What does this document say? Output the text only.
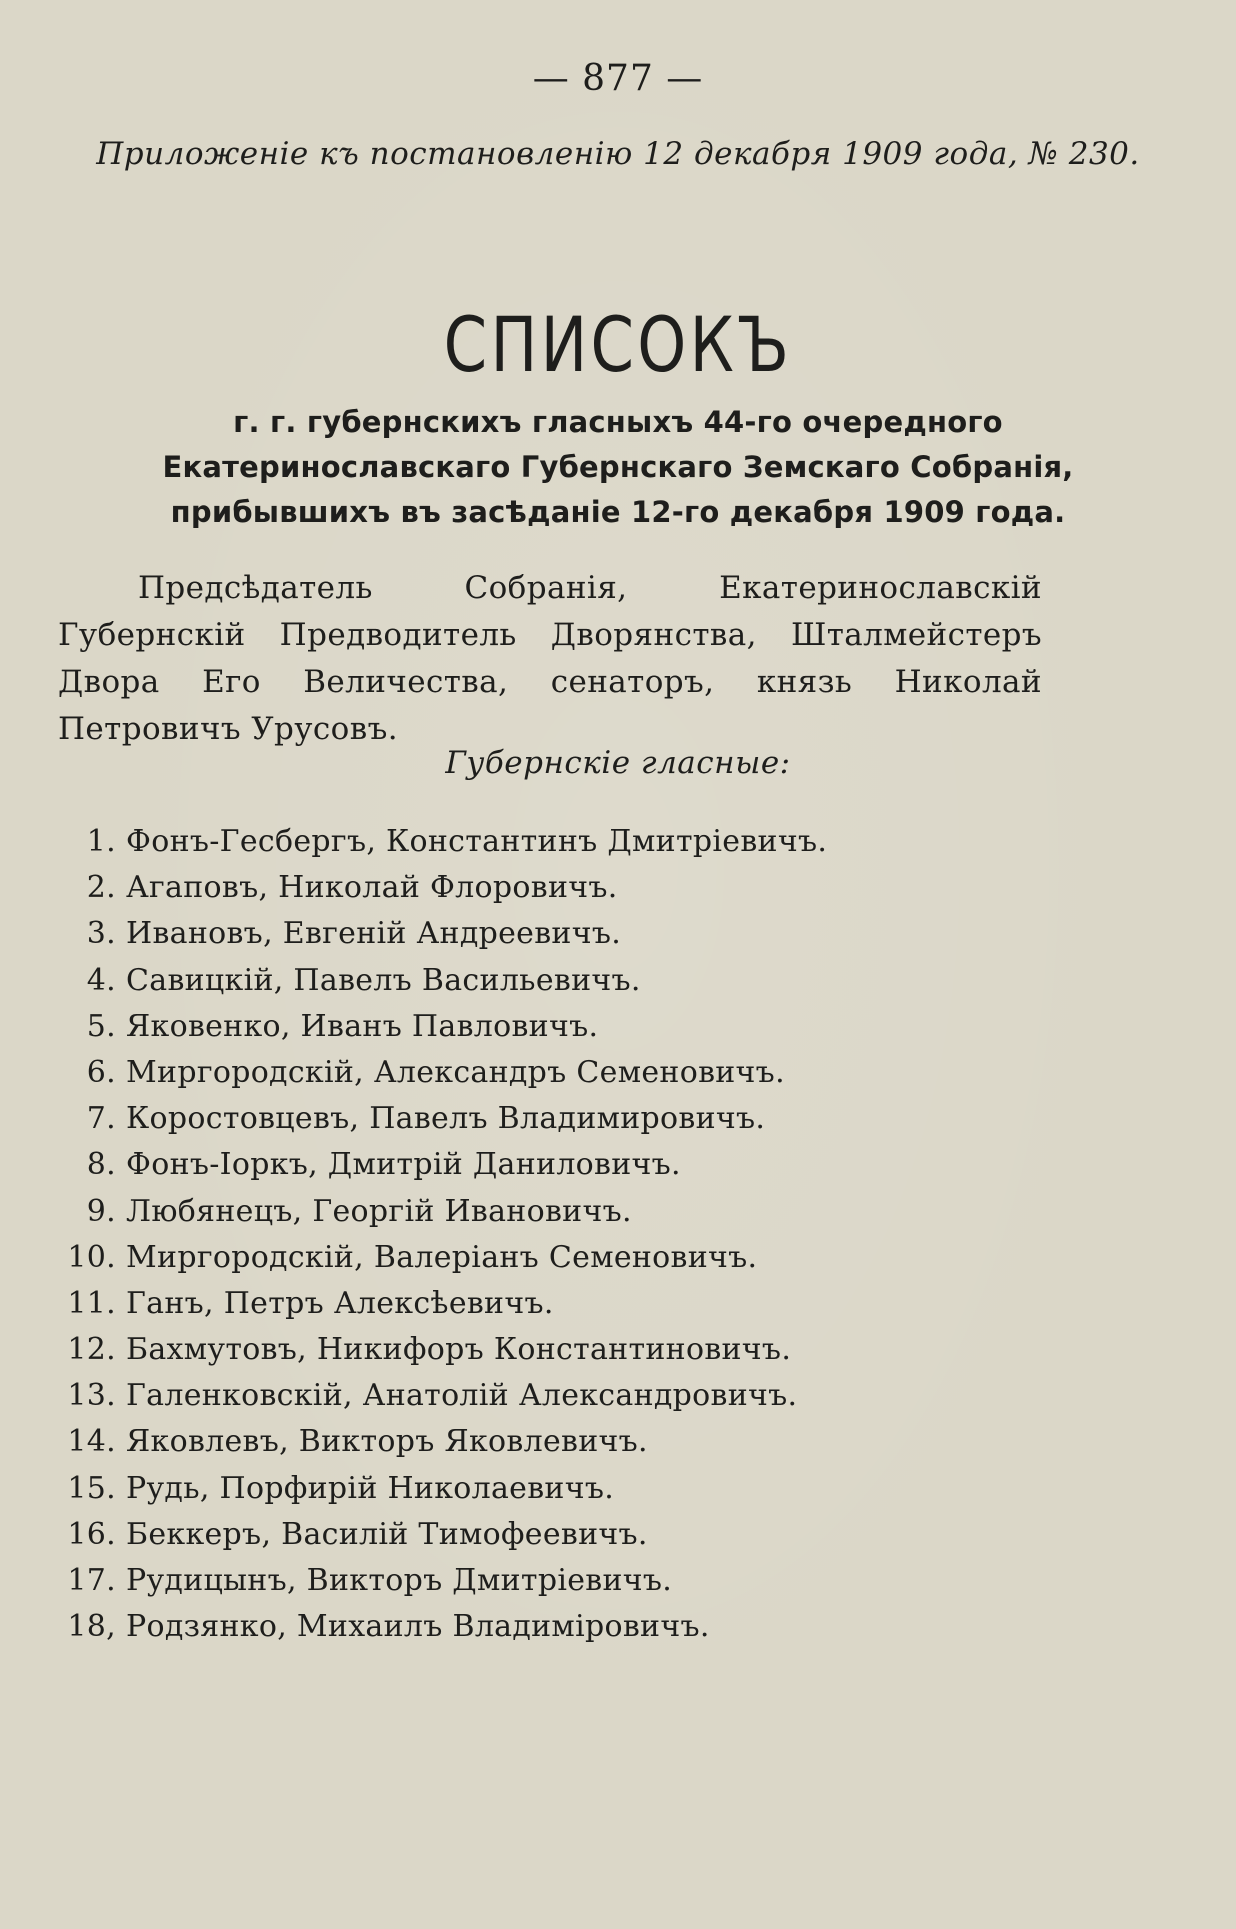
— 877 —
Приложенiе къ постановленiю 12 декабря 1909 года, № 230.
СПИСОКЪ
г. г. губернскихъ гласныхъ 44-го очередного Екатеринославскаго Губернскаго Земскаго Собранiя, прибывшихъ въ засѣданiе 12-го декабря 1909 года.
Предсѣдатель Собранiя, Екатеринославскiй Губернскiй Предводитель Дворянства, Шталмейстеръ Двора Его Величества, сенаторъ, князь Николай Петровичъ Урусовъ.
Губернскiе гласные:
1. Фонъ-Гесбергъ, Константинъ Дмитрiевичъ.
2. Агаповъ, Николай Флоровичъ.
3. Ивановъ, Евгенiй Андреевичъ.
4. Савицкiй, Павелъ Васильевичъ.
5. Яковенко, Иванъ Павловичъ.
6. Миргородскiй, Александръ Семеновичъ.
7. Коростовцевъ, Павелъ Владимировичъ.
8. Фонъ-Iоркъ, Дмитрiй Даниловичъ.
9. Любянецъ, Георгiй Ивановичъ.
10. Миргородскiй, Валерiанъ Семеновичъ.
11. Ганъ, Петръ Алексѣевичъ.
12. Бахмутовъ, Никифоръ Константиновичъ.
13. Галенковскiй, Анатолiй Александровичъ.
14. Яковлевъ, Викторъ Яковлевичъ.
15. Рудь, Порфирiй Николаевичъ.
16. Беккеръ, Василiй Тимофеевичъ.
17. Рудицынъ, Викторъ Дмитрiевичъ.
18, Родзянко, Михаилъ Владимiровичъ.
